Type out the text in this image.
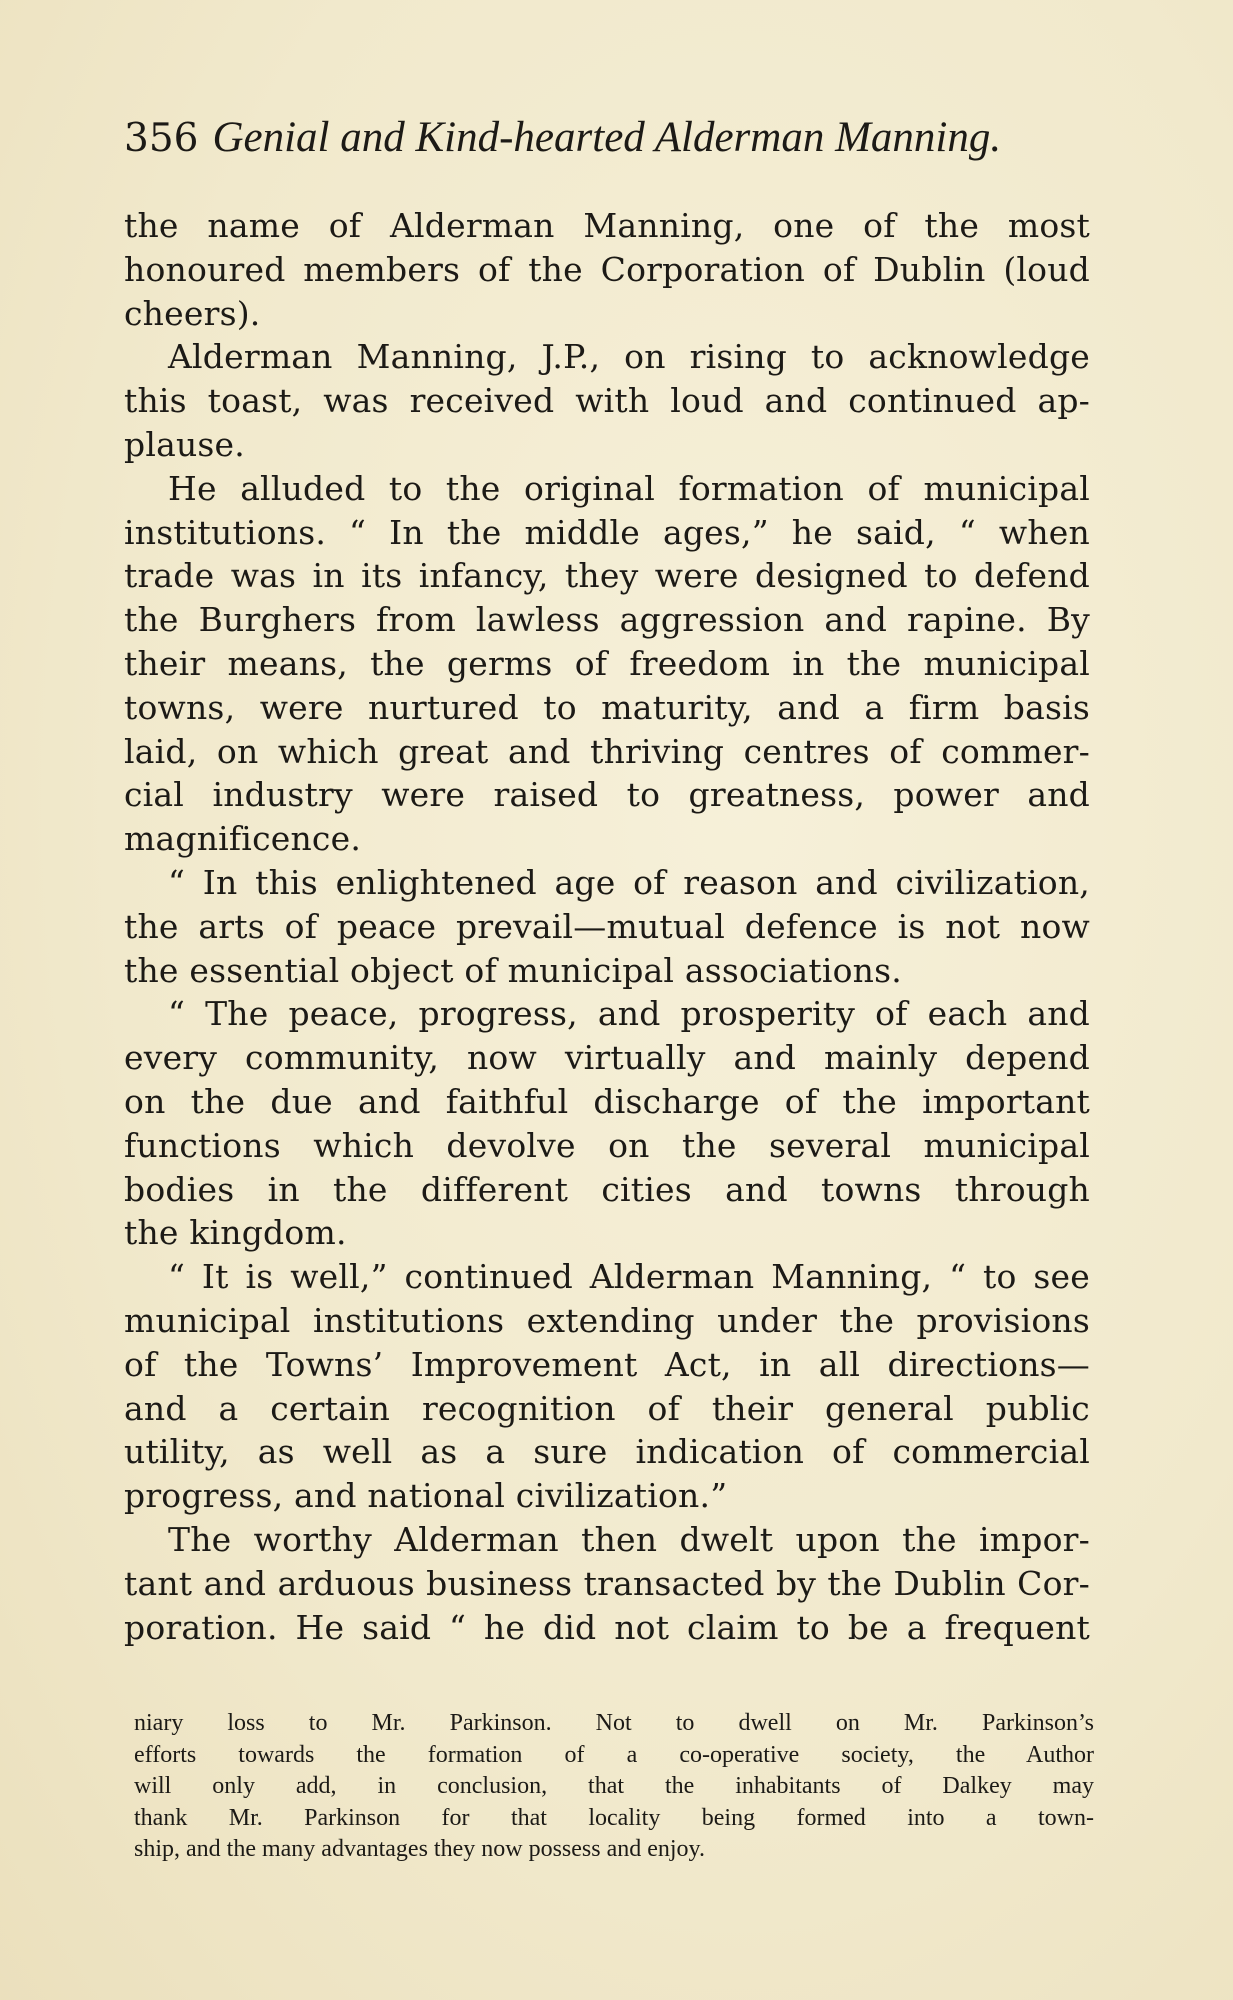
356 Genial and Kind-hearted Alderman Manning.
the name of Alderman Manning, one of the most
honoured members of the Corporation of Dublin (loud
cheers).
Alderman Manning, J.P., on rising to acknowledge
this toast, was received with loud and continued ap-
plause.
He alluded to the original formation of municipal
institutions. “ In the middle ages,” he said, “ when
trade was in its infancy, they were designed to defend
the Burghers from lawless aggression and rapine. By
their means, the germs of freedom in the municipal
towns, were nurtured to maturity, and a firm basis
laid, on which great and thriving centres of commer-
cial industry were raised to greatness, power and
magnificence.
“ In this enlightened age of reason and civilization,
the arts of peace prevail—mutual defence is not now
the essential object of municipal associations.
“ The peace, progress, and prosperity of each and
every community, now virtually and mainly depend
on the due and faithful discharge of the important
functions which devolve on the several municipal
bodies in the different cities and towns through
the kingdom.
“ It is well,” continued Alderman Manning, “ to see
municipal institutions extending under the provisions
of the Towns’ Improvement Act, in all directions—
and a certain recognition of their general public
utility, as well as a sure indication of commercial
progress, and national civilization.”
The worthy Alderman then dwelt upon the impor-
tant and arduous business transacted by the Dublin Cor-
poration. He said “ he did not claim to be a frequent
niary loss to Mr. Parkinson. Not to dwell on Mr. Parkinson’s
efforts towards the formation of a co-operative society, the Author
will only add, in conclusion, that the inhabitants of Dalkey may
thank Mr. Parkinson for that locality being formed into a town-
ship, and the many advantages they now possess and enjoy.
